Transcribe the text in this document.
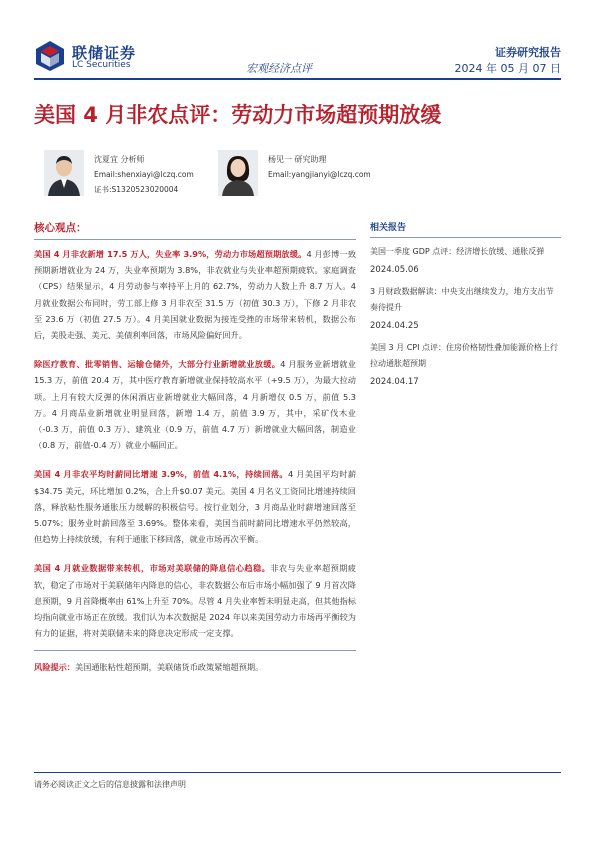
联储证券
LC Securities	宏观经济点评
证券研究报告
2024 年 05 月 07 日
美国 4 月非农点评：劳动力市场超预期放缓
沈夏宜 分析师
Email:shenxiayi@lczq.com
证书:S1320523020004
杨见一 研究助理
Email:yangjianyi@lczq.com
核心观点：

美国 4 月非农新增 17.5 万人，失业率 3.9%，劳动力市场超预期放缓。4 月彭博一致预期新增就业为 24 万，失业率预期为 3.8%，非农就业与失业率超预期疲软。家庭调查（CPS）结果显示，4 月劳动参与率持平上月的 62.7%，劳动力人数上升 8.7 万人。4 月就业数据公布同时，劳工部上修 3 月非农至 31.5 万（初值 30.3 万），下修 2 月非农至 23.6 万（初值 27.5 万）。4 月美国就业数据为接连受挫的市场带来转机，数据公布后，美股走强、美元、美债利率回落，市场风险偏好回升。

除医疗教育、批零销售、运输仓储外，大部分行业新增就业放缓。4 月服务业新增就业 15.3 万，前值 20.4 万，其中医疗教育新增就业保持较高水平（+9.5 万），为最大拉动项。上月有较大反弹的休闲酒店业新增就业大幅回落，4 月新增仅 0.5 万，前值 5.3 万。4 月商品业新增就业明显回落，新增 1.4 万，前值 3.9 万，其中，采矿伐木业（-0.3 万，前值 0.3 万）、建筑业（0.9 万，前值 4.7 万）新增就业大幅回落，制造业（0.8 万，前值-0.4 万）就业小幅回正。

美国 4 月非农平均时薪同比增速 3.9%，前值 4.1%，持续回落。4 月美国平均时薪$34.75 美元，环比增加 0.2%，合上升$0.07 美元。美国 4 月名义工资同比增速持续回落，释放粘性服务通胀压力缓解的积极信号。按行业划分，3 月商品业时薪增速回落至 5.07%；服务业时薪回落至 3.69%。整体来看，美国当前时薪同比增速水平仍然较高，但趋势上持续放缓，有利于通胀下移回落，就业市场再次平衡。

美国 4 月就业数据带来转机，市场对美联储的降息信心趋稳。非农与失业率超预期疲软，稳定了市场对于美联储年内降息的信心，非农数据公布后市场小幅加强了 9 月首次降息预期，9 月首降概率由 61%上升至 70%。尽管 4 月失业率暂未明显走高，但其他指标均指向就业市场正在放缓。我们认为本次数据是 2024 年以来美国劳动力市场再平衡较为有力的证据，将对美联储未来的降息决定形成一定支撑。

风险提示：美国通胀粘性超预期，美联储货币政策紧缩超预期。

相关报告
美国一季度 GDP 点评：经济增长放缓、通胀反弹
2024.05.06
3 月财政数据解读：中央支出继续发力，地方支出节奏待提升
2024.04.25
美国 3 月 CPI 点评：住房价格韧性叠加能源价格上行拉动通胀超预期
2024.04.17
请务必阅读正文之后的信息披露和法律声明
